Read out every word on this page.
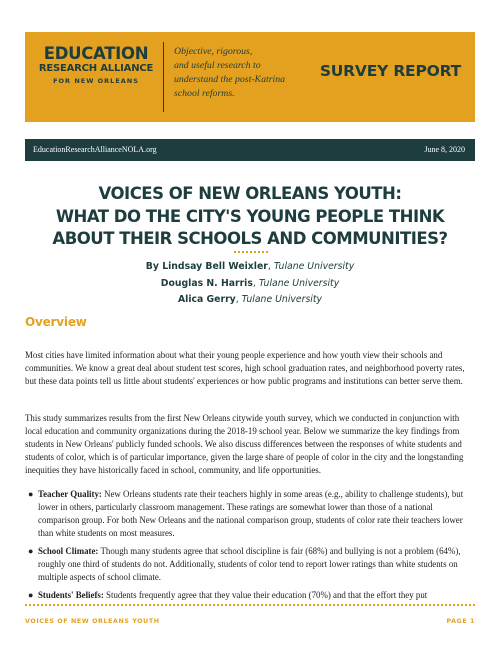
EDUCATION
RESEARCH ALLIANCE
FOR NEW ORLEANS
Objective, rigorous,
and useful research to
understand the post-Katrina
school reforms.
SURVEY REPORT
EducationResearchAllianceNOLA.org	June 8, 2020
VOICES OF NEW ORLEANS YOUTH:
WHAT DO THE CITY'S YOUNG PEOPLE THINK
ABOUT THEIR SCHOOLS AND COMMUNITIES?
By Lindsay Bell Weixler, Tulane University
Douglas N. Harris, Tulane University
Alica Gerry, Tulane University
Overview
Most cities have limited information about what their young people experience and how youth view their schools and communities. We know a great deal about student test scores, high school graduation rates, and neighborhood poverty rates, but these data points tell us little about students' experiences or how public programs and institutions can better serve them.
This study summarizes results from the first New Orleans citywide youth survey, which we conducted in conjunction with local education and community organizations during the 2018-19 school year. Below we summarize the key findings from students in New Orleans' publicly funded schools. We also discuss differences between the responses of white students and students of color, which is of particular importance, given the large share of people of color in the city and the longstanding inequities they have historically faced in school, community, and life opportunities.
● Teacher Quality: New Orleans students rate their teachers highly in some areas (e.g., ability to challenge students), but lower in others, particularly classroom management. These ratings are somewhat lower than those of a national comparison group. For both New Orleans and the national comparison group, students of color rate their teachers lower than white students on most measures.
● School Climate: Though many students agree that school discipline is fair (68%) and bullying is not a problem (64%), roughly one third of students do not. Additionally, students of color tend to report lower ratings than white students on multiple aspects of school climate.
● Students' Beliefs: Students frequently agree that they value their education (70%) and that the effort they put
VOICES OF NEW ORLEANS YOUTH	PAGE 1
